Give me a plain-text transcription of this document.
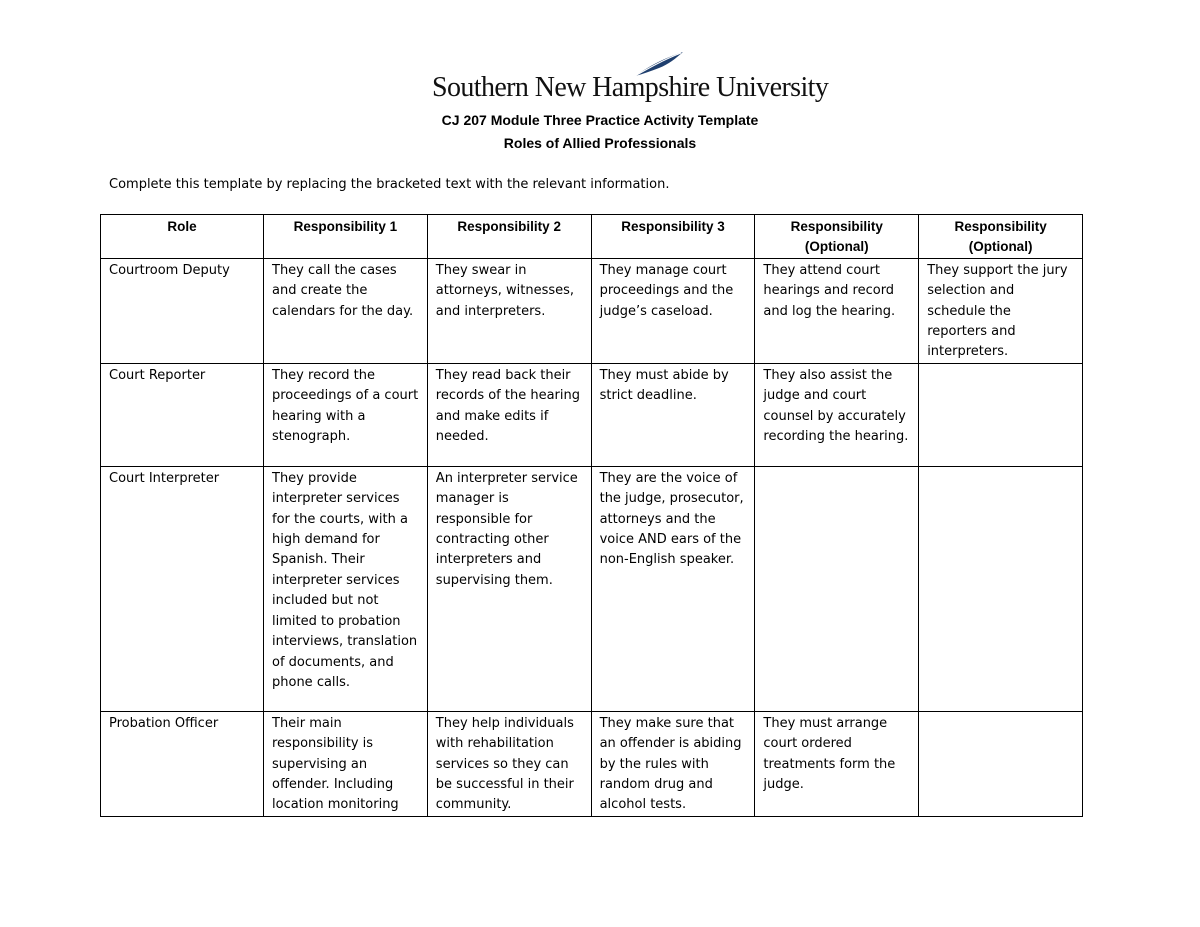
Southern New Hampshire University
CJ 207 Module Three Practice Activity Template
Roles of Allied Professionals
Complete this template by replacing the bracketed text with the relevant information.
Role	Responsibility 1	Responsibility 2	Responsibility 3	Responsibility (Optional)	Responsibility (Optional)
Courtroom Deputy	They call the cases and create the calendars for the day.	They swear in attorneys, witnesses, and interpreters.	They manage court proceedings and the judge’s caseload.	They attend court hearings and record and log the hearing.	They support the jury selection and schedule the reporters and interpreters.
Court Reporter	They record the proceedings of a court hearing with a stenograph.	They read back their records of the hearing and make edits if needed.	They must abide by strict deadline.	They also assist the judge and court counsel by accurately recording the hearing.	
Court Interpreter	They provide interpreter services for the courts, with a high demand for Spanish. Their interpreter services included but not limited to probation interviews, translation of documents, and phone calls.	An interpreter service manager is responsible for contracting other interpreters and supervising them.	They are the voice of the judge, prosecutor, attorneys and the voice AND ears of the non-English speaker.		
Probation Officer	Their main responsibility is supervising an offender. Including location monitoring	They help individuals with rehabilitation services so they can be successful in their community.	They make sure that an offender is abiding by the rules with random drug and alcohol tests.	They must arrange court ordered treatments form the judge.	
